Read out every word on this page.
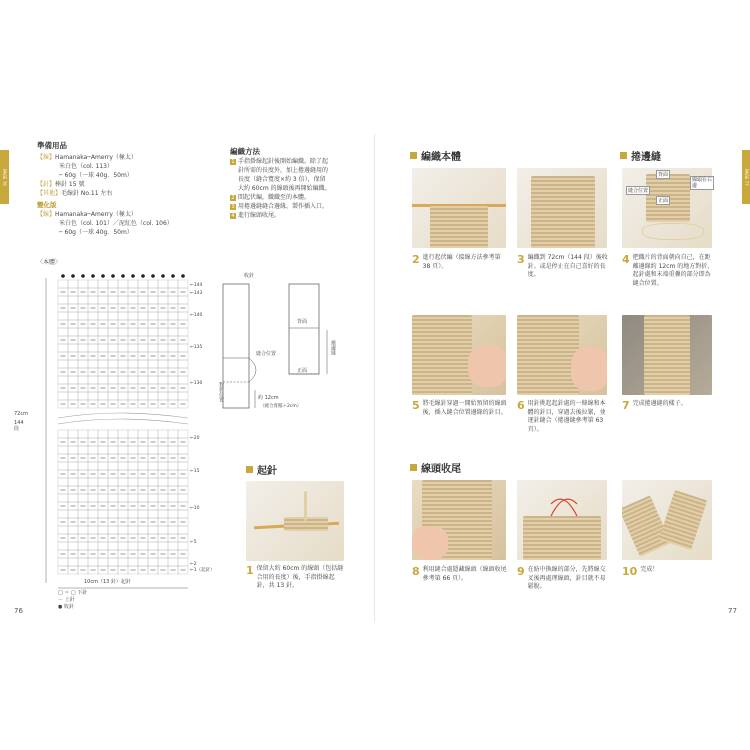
PAGE 76	PAGE 77
準備用品
【線】Hamanaka─Amerry（極太）
米白色（col. 113）
─ 60g（一球 40g．50m）
【針】棒針 15 號
【其他】毛線針 No.11 左右
變化版
【線】Hamanaka─Amerry（極太）
米白色（col. 101）／泥紅色（col. 106）
─ 60g（一球 40g．50m）
〈本體〉
編織方法
1 手指掛線起針後開始編織。除了起
針所需的長度外，加上捲邊縫用的
長度（縫合寬度×約 3 倍），保留
大約 60cm 的線頭後再開始編織。
2 間起伏編，織織至的本體。
3 用捲邊縫縫合邊緣，製作插入口。
4 進行線頭收尾。
72cm
144段
←144
←143
←140
←135
←130
←20
←15
←10
←5
←2
←1（起針）
10cm（13 針）起針
□ ＝ □ 下針
－ 上針
● 收針
收針
縫合位置
對折位置
背面
正面
捲邊縫
約 12cm
（縫合寬幅＋2cm）
起針
1 保留大約 60cm 的線頭（包括縫合用的長度）後，手指掛線起針，共 13 針。
76
編織本體	捲邊縫
線頭收尾
背面
正面
縫合位置
線頭在右邊
2 進行起伏編（接線方法參考第 38 頁）。	3 編織到 72cm（144 段）後收針。或是停止在自己喜好的長度。
4 把織片的背面朝向自己，在距離邊緣約 12cm 的地方對折，起針處和末端重疊的部分即為縫合位置。
5 將毛線針穿過一開始預留的線頭後，插入縫合位置邊緣的針目。 6 用針挑起起針處的一條線和本體的針目，穿過去後拉緊，並逐針縫合（捲邊縫參考第 63 頁）。
7 完成捲邊縫的樣子。
8 利用縫合處隱藏線頭（線頭收尾參考第 66 頁）。	9 在紡中換線的部分，先將線交叉後再處理線頭，針目就不易鬆脫。
10 完成！
77
